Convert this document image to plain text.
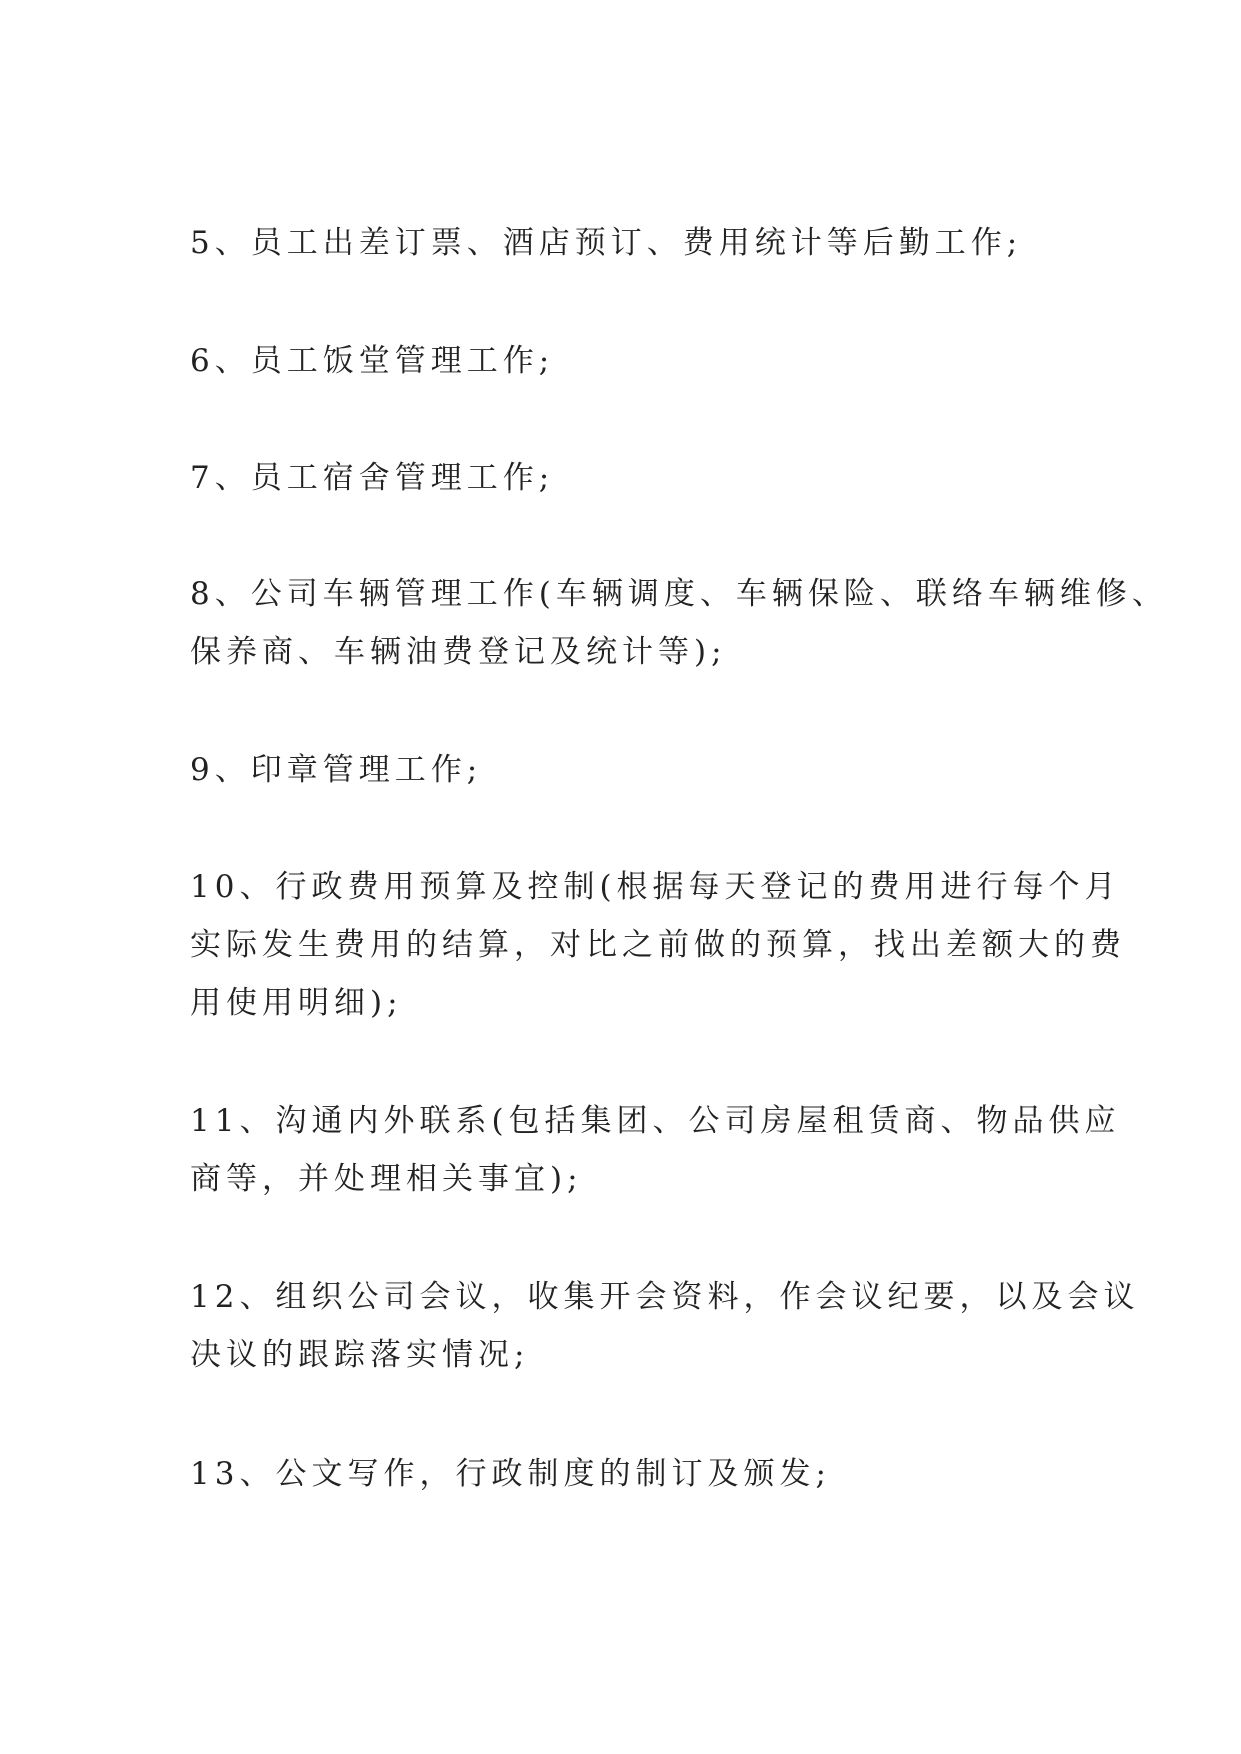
5、员工出差订票、酒店预订、费用统计等后勤工作;

6、员工饭堂管理工作;

7、员工宿舍管理工作;

8、公司车辆管理工作(车辆调度、车辆保险、联络车辆维修、
保养商、车辆油费登记及统计等);

9、印章管理工作;

10、行政费用预算及控制(根据每天登记的费用进行每个月
实际发生费用的结算，对比之前做的预算，找出差额大的费
用使用明细);

11、沟通内外联系(包括集团、公司房屋租赁商、物品供应
商等，并处理相关事宜);

12、组织公司会议，收集开会资料，作会议纪要，以及会议
决议的跟踪落实情况;

13、公文写作，行政制度的制订及颁发;
